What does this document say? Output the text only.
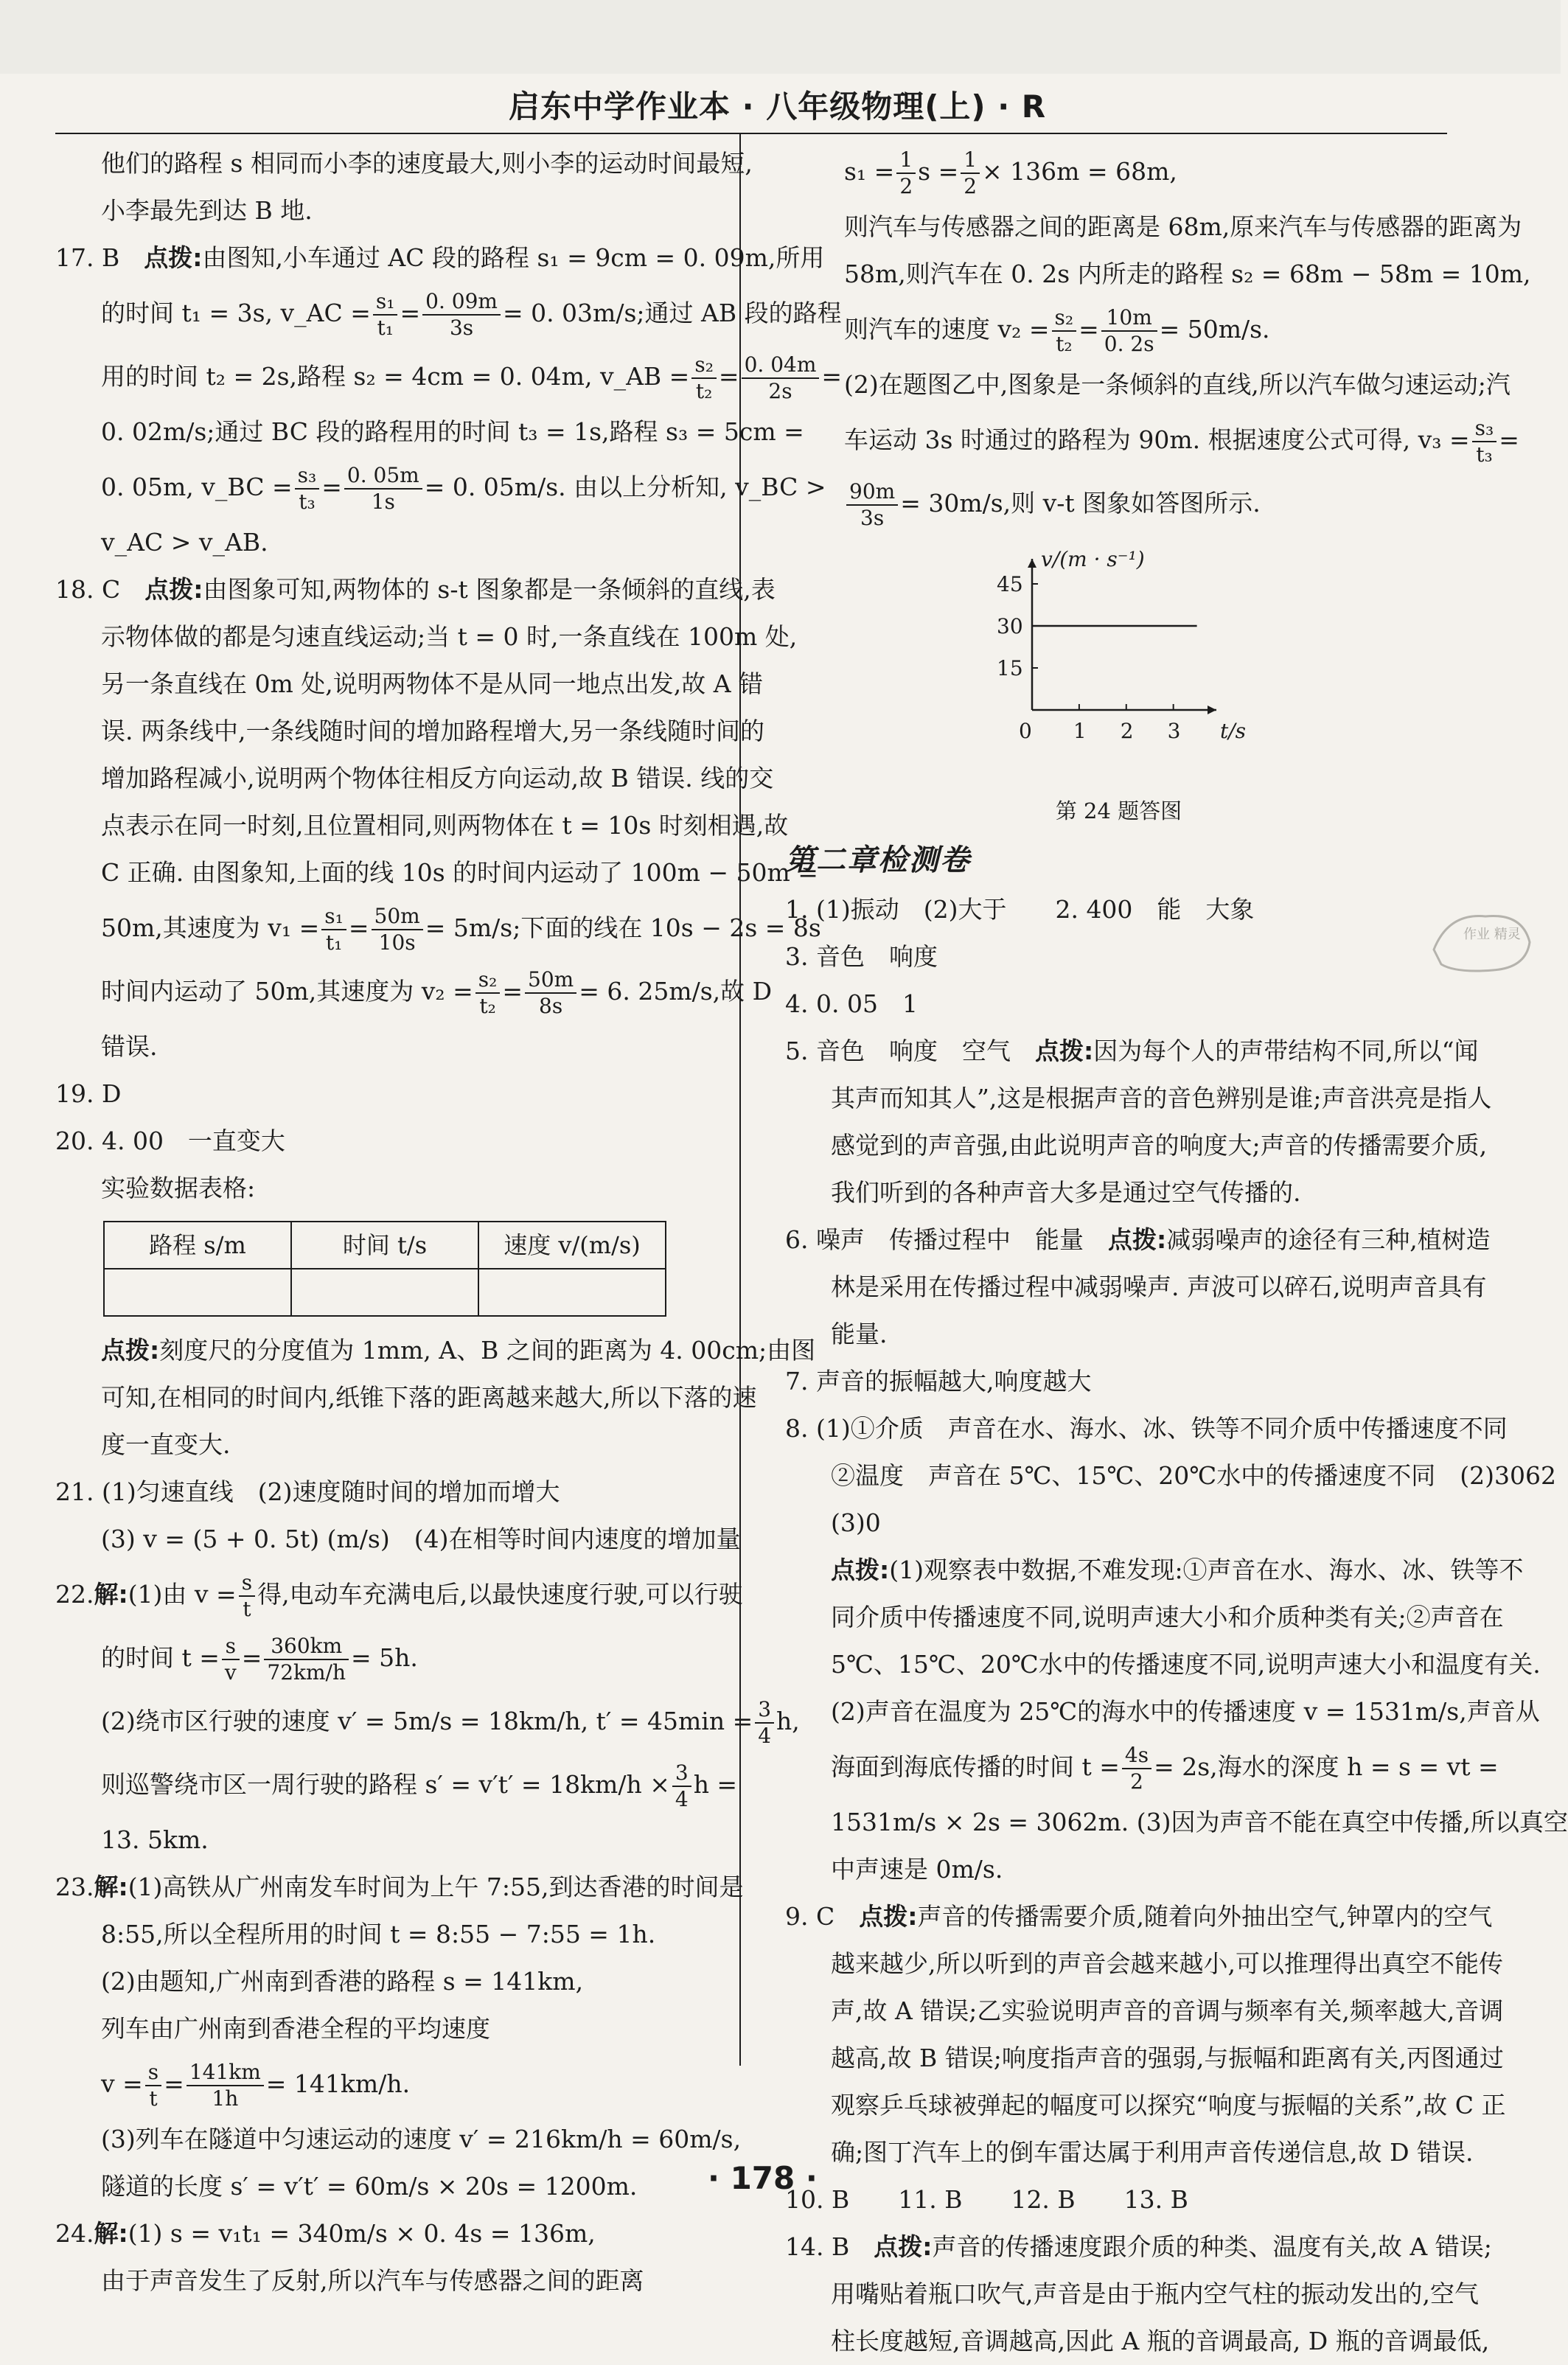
启东中学作业本 · 八年级物理(上) · R

他们的路程 s 相同而小李的速度最大,则小李的运动时间最短,

小李最先到达 B 地.

17. B　 点拨:由图知,小车通过 AC 段的路程 s₁ = 9cm = 0. 09m,所用

的时间 t₁ = 3s, v_AC = $\frac{\text{s₁}}{\text{t₁}} = \frac{0. 09m}{3s} = 0$. 03m/s;通过 AB 段的路程

用的时间 t₂ = 2s,路程 s₂ = 4cm = 0. 04m, v_AB = $\frac{\text{s₂}}{\text{t₂}} = \frac{0. 04m}{2s}$ =

0. 02m/s;通过 BC 段的路程用的时间 t₃ = 1s,路程 s₃ = 5cm =

0. 05m, v_BC = $\frac{\text{s₃}}{\text{t₃}} = \frac{0. 05m}{1s} = 0$. 05m/s. 由以上分析知, v_BC >

v_AC > v_AB.

18. C　 点拨:由图象可知,两物体的 s-t 图象都是一条倾斜的直线,表

示物体做的都是匀速直线运动;当 t = 0 时,一条直线在 100m 处,

另一条直线在 0m 处,说明两物体不是从同一地点出发,故 A 错

误. 两条线中,一条线随时间的增加路程增大,另一条线随时间的

增加路程减小,说明两个物体往相反方向运动,故 B 错误. 线的交

点表示在同一时刻,且位置相同,则两物体在 t = 10s 时刻相遇,故

C 正确. 由图象知,上面的线 10s 的时间内运动了 100m − 50m =

50m,其速度为 $v_1 = \frac{\text{s₁}}{\text{t₁}} = \frac{50m}{10s} = 5m/s$;下面的线在 10s − 2s = 8s

时间内运动了 50m,其速度为 $v_2 = \frac{\text{s₂}}{\text{t₂}} = \frac{50m}{8s} = 6$. 25m/s,故 D

错误.

19. D

20. 4. 00　一直变大

实验数据表格:

路程 s/m	时间 t/s	速度 v/(m/s)

点拨:刻度尺的分度值为 1mm, A、B 之间的距离为 4. 00cm;由图

可知,在相同的时间内,纸锥下落的距离越来越大,所以下落的速

度一直变大.

21. (1)匀速直线　(2)速度随时间的增加而增大

(3) v = (5 + 0. 5t) (m/s)　(4)在相等时间内速度的增加量

22.解:(1)由 $v = \frac{s}{t}$ 得,电动车充满电后,以最快速度行驶,可以行驶

的时间 $t = \frac{s}{v} = \frac{360km}{72km/h} = 5h$.

(2)绕市区行驶的速度 v′ = 5m/s = 18km/h, $t' = 45\min = \frac{3}{4} h$,

则巡警绕市区一周行驶的路程 $s' = v't' = 18km/h \times \frac{3}{4}$ h =

13. 5km.

23.解:(1)高铁从广州南发车时间为上午 7:55,到达香港的时间是

8:55,所以全程所用的时间 t = 8:55 − 7:55 = 1h.

(2)由题知,广州南到香港的路程 s = 141km,

列车由广州南到香港全程的平均速度

$v = \frac{s}{t} = \frac{141km}{1h} = 141km/h$.

(3)列车在隧道中匀速运动的速度 v′ = 216km/h = 60m/s,

隧道的长度 s′ = v′t′ = 60m/s × 20s = 1200m.

24.解:(1) s = v₁t₁ = 340m/s × 0. 4s = 136m,

由于声音发生了反射,所以汽车与传感器之间的距离

$s_1 = \frac{1}{2}$ $s = \frac{1}{2} \times 136m = 68m$,

则汽车与传感器之间的距离是 68m,原来汽车与传感器的距离为

58m,则汽车在 0. 2s 内所走的路程 s₂ = 68m − 58m = 10m,

则汽车的速度 $v_2 = \frac{\text{s₂}}{\text{t₂}} = \frac{10m}{0. 2s} = 50m/s$.

(2)在题图乙中,图象是一条倾斜的直线,所以汽车做匀速运动;汽

车运动 3s 时通过的路程为 90m. 根据速度公式可得, $v_3 = \frac{\text{s₃}}{\text{t₃}}$ =

$\frac{90m}{3s} = 30m/s$,则 v-t 图象如答图所示.

v/(m · s⁻¹)
t/s
0 1 2 3
15
30
45

第 24 题答图

第二章检测卷

1. (1)振动　(2)大于　　2. 400　能　大象

3. 音色　响度

4. 0. 05　1

5. 音色　响度　空气　 点拨:因为每个人的声带结构不同,所以“闻

其声而知其人”,这是根据声音的音色辨别是谁;声音洪亮是指人

感觉到的声音强,由此说明声音的响度大;声音的传播需要介质,

我们听到的各种声音大多是通过空气传播的.

6. 噪声　传播过程中　能量　 点拨:减弱噪声的途径有三种,植树造

林是采用在传播过程中减弱噪声. 声波可以碎石,说明声音具有

能量.

7. 声音的振幅越大,响度越大

8. (1)①介质　声音在水、海水、冰、铁等不同介质中传播速度不同

②温度　声音在 5℃、15℃、20℃水中的传播速度不同　(2)3062

(3)0

点拨:(1)观察表中数据,不难发现:①声音在水、海水、冰、铁等不

同介质中传播速度不同,说明声速大小和介质种类有关;②声音在

5℃、15℃、20℃水中的传播速度不同,说明声速大小和温度有关.

(2)声音在温度为 25℃的海水中的传播速度 v = 1531m/s,声音从

海面到海底传播的时间 $t = \frac{4s}{2} = 2s$,海水的深度 h = s = vt =

1531m/s × 2s = 3062m. (3)因为声音不能在真空中传播,所以真空

中声速是 0m/s.

9. C　 点拨:声音的传播需要介质,随着向外抽出空气,钟罩内的空气

越来越少,所以听到的声音会越来越小,可以推理得出真空不能传

声,故 A 错误;乙实验说明声音的音调与频率有关,频率越大,音调

越高,故 B 错误;响度指声音的强弱,与振幅和距离有关,丙图通过

观察乒乓球被弹起的幅度可以探究“响度与振幅的关系”,故 C 正

确;图丁汽车上的倒车雷达属于利用声音传递信息,故 D 错误.

10. B　　11. B　　12. B　　13. B

14. B　 点拨:声音的传播速度跟介质的种类、温度有关,故 A 错误;

用嘴贴着瓶口吹气,声音是由于瓶内空气柱的振动发出的,空气

柱长度越短,音调越高,因此 A 瓶的音调最高, D 瓶的音调最低,

作业 精灵
· 178 ·
